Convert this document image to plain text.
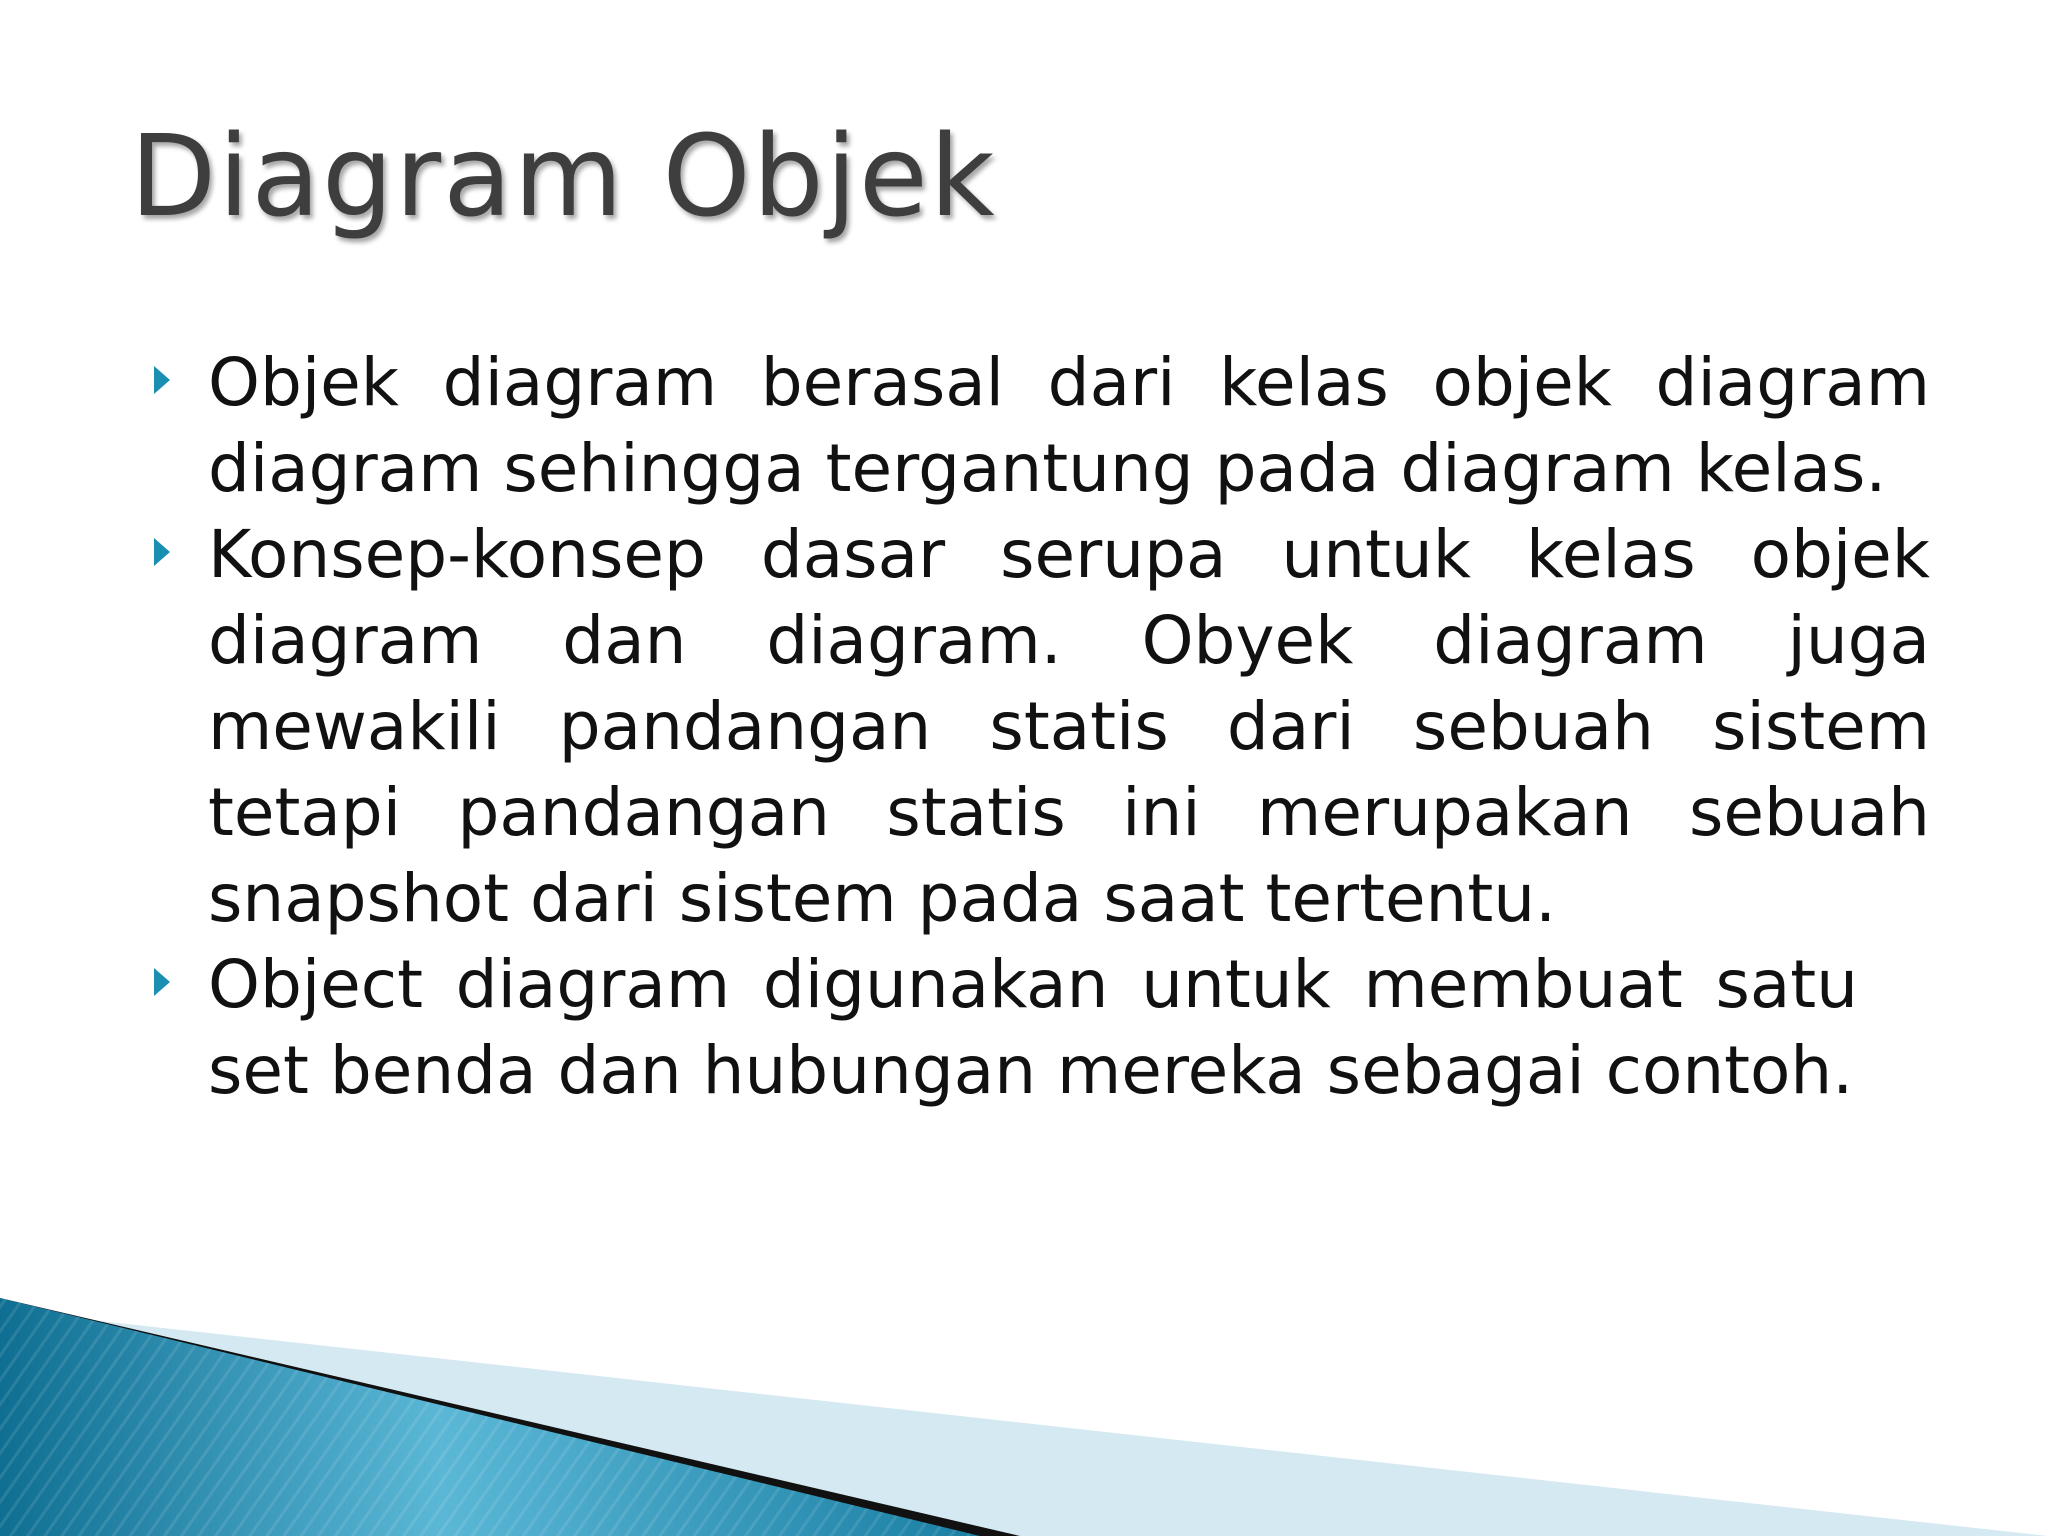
Diagram Objek
Objek diagram berasal dari kelas objek diagram diagram sehingga tergantung pada diagram kelas.
Konsep-konsep dasar serupa untuk kelas objek diagram dan diagram. Obyek diagram juga mewakili pandangan statis dari sebuah sistem tetapi pandangan statis ini merupakan sebuah snapshot dari sistem pada saat tertentu.
Object diagram digunakan untuk membuat satu set benda dan hubungan mereka sebagai contoh.
